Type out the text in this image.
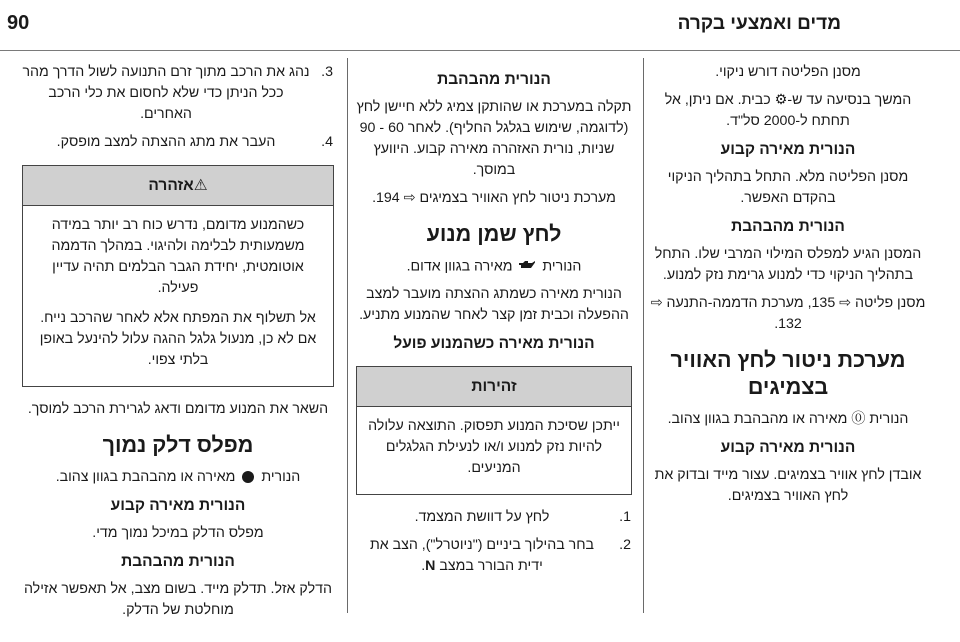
90	מדים ואמצעי בקרה
מסנן הפליטה דורש ניקוי.
המשך בנסיעה עד ש-⚙ כבית. אם ניתן, אל תחתח ל-2000 סל"ד.
הנורית מאירה קבוע
מסנן הפליטה מלא. התחל בתהליך הניקוי בהקדם האפשר.
הנורית מהבהבת
המסנן הגיע למפלס המילוי המרבי שלו. התחל בתהליך הניקוי כדי למנוע גרימת נזק למנוע.
מסנן פליטה ⇨ 135, מערכת הדממה-התנעה ⇨ 132.
מערכת ניטור לחץ האוויר בצמיגים
הנורית ⓪ מאירה או מהבהבת בגוון צהוב.
הנורית מאירה קבוע
אובדן לחץ אוויר בצמיגים. עצור מייד ובדוק את לחץ האוויר בצמיגים.
הנורית מהבהבת
תקלה במערכת או שהותקן צמיג ללא חיישן לחץ (לדוגמה, שימוש בגלגל החליף). לאחר 60 - 90 שניות, נורית האזהרה מאירה קבוע. היוועץ במוסך.
מערכת ניטור לחץ האוויר בצמיגים ⇨ 194.
לחץ שמן מנוע
הנורית  מאירה בגוון אדום.
הנורית מאירה כשמתג ההצתה מועבר למצב ההפעלה וכבית זמן קצר לאחר שהמנוע מתניע.
הנורית מאירה כשהמנוע פועל
זהירות
ייתכן שסיכת המנוע תפסוק. התוצאה עלולה להיות נזק למנוע ו/או לנעילת הגלגלים המניעים.
1.
לחץ על דוושת המצמד.
2.
בחר בהילוך ביניים ("ניוטרל"), הצב את ידית הבורר במצב N.
3.
נהג את הרכב מתוך זרם התנועה לשול הדרך מהר ככל הניתן כדי שלא לחסום את כלי הרכב האחרים.
4.
העבר את מתג ההצתה למצב מופסק.
⚠אזהרה
כשהמנוע מדומם, נדרש כוח רב יותר במידה משמעותית לבלימה ולהיגוי. במהלך הדממה אוטומטית, יחידת הגבר הבלמים תהיה עדיין פעילה.
אל תשלוף את המפתח אלא לאחר שהרכב נייח. אם לא כן, מנעול גלגל ההגה עלול להינעל באופן בלתי צפוי.
השאר את המנוע מדומם ודאג לגרירת הרכב למוסך.
מפלס דלק נמוך
הנורית  מאירה או מהבהבת בגוון צהוב.
הנורית מאירה קבוע
מפלס הדלק במיכל נמוך מדי.
הנורית מהבהבת
הדלק אזל. תדלק מייד. בשום מצב, אל תאפשר אזילה מוחלטת של הדלק.
